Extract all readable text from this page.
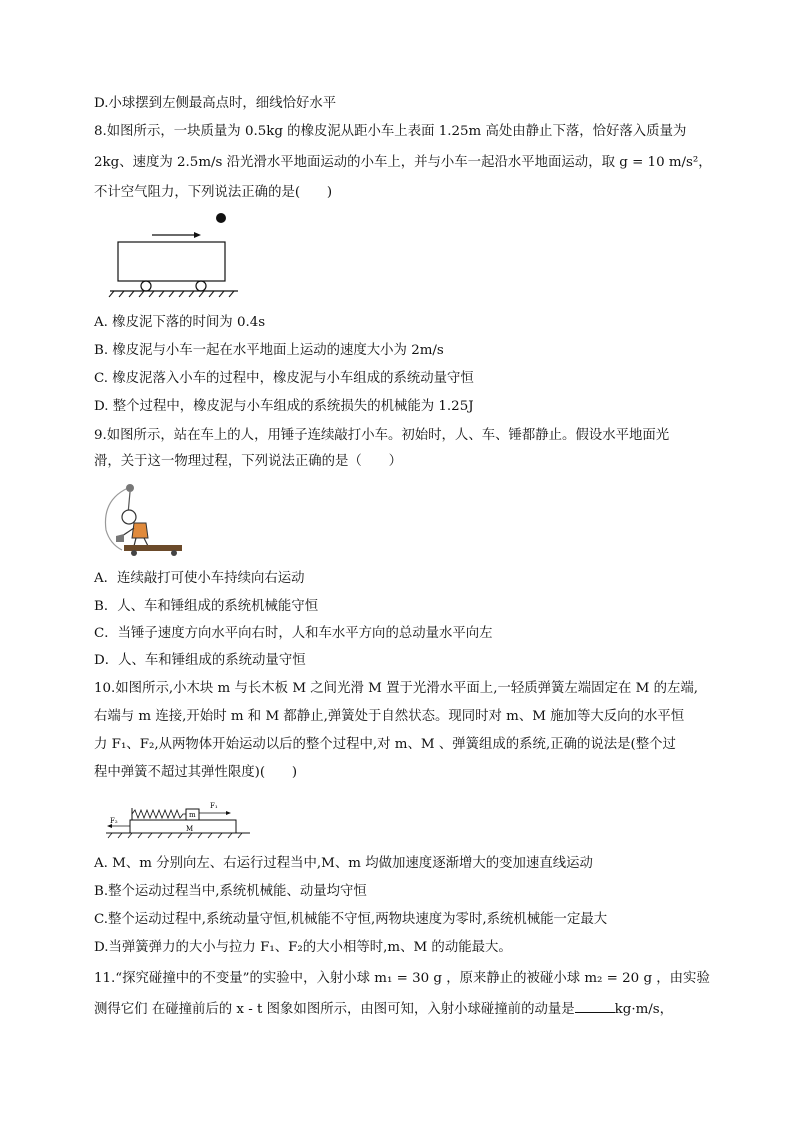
D.小球摆到左侧最高点时，细线恰好水平
8.如图所示，一块质量为 0.5kg 的橡皮泥从距小车上表面 1.25m 高处由静止下落，恰好落入质量为
2kg、速度为 2.5m/s 沿光滑水平地面运动的小车上，并与小车一起沿水平地面运动，取 g = 10 m/s²，
不计空气阻力，下列说法正确的是(　　)
A. 橡皮泥下落的时间为 0.4s
B. 橡皮泥与小车一起在水平地面上运动的速度大小为 2m/s
C. 橡皮泥落入小车的过程中，橡皮泥与小车组成的系统动量守恒
D. 整个过程中，橡皮泥与小车组成的系统损失的机械能为 1.25J
9.如图所示，站在车上的人，用锤子连续敲打小车。初始时，人、车、锤都静止。假设水平地面光
滑，关于这一物理过程，下列说法正确的是（　　）
A．连续敲打可使小车持续向右运动
B．人、车和锤组成的系统机械能守恒
C．当锤子速度方向水平向右时，人和车水平方向的总动量水平向左
D．人、车和锤组成的系统动量守恒
10.如图所示,小木块 m 与长木板 M 之间光滑 M 置于光滑水平面上,一轻质弹簧左端固定在 M 的左端,
右端与 m 连接,开始时 m 和 M 都静止,弹簧处于自然状态。现同时对 m、M 施加等大反向的水平恒
力 F₁、F₂,从两物体开始运动以后的整个过程中,对 m、M 、弹簧组成的系统,正确的说法是(整个过
程中弹簧不超过其弹性限度)(　　)
M
m
F₁
F₂
A. M、m 分别向左、右运行过程当中,M、m 均做加速度逐渐增大的变加速直线运动
B.整个运动过程当中,系统机械能、动量均守恒
C.整个运动过程中,系统动量守恒,机械能不守恒,两物块速度为零时,系统机械能一定最大
D.当弹簧弹力的大小与拉力 F₁、F₂的大小相等时,m、M 的动能最大。
11.“探究碰撞中的不变量”的实验中，入射小球 m₁ = 30 g ，原来静止的被碰小球 m₂ = 20 g ，由实验
测得它们 在碰撞前后的 x - t 图象如图所示，由图可知，入射小球碰撞前的动量是	kg·m/s，
